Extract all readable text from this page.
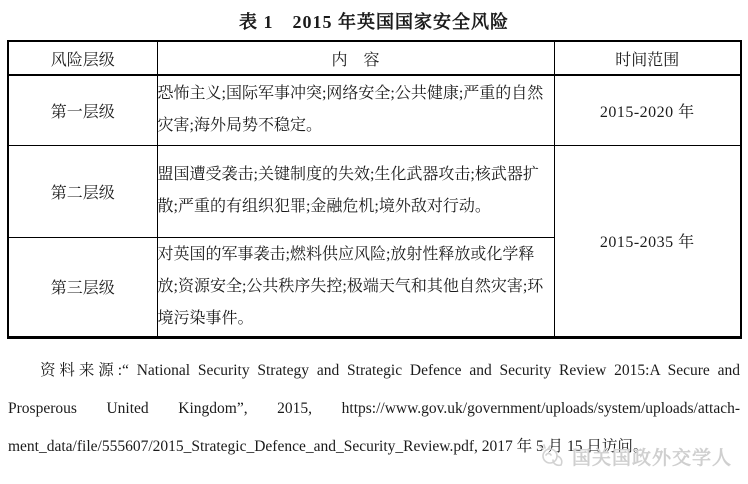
表 1　2015 年英国国家安全风险
风险层级	内　容	时间范围
第一层级	恐怖主义;国际军事冲突;网络安全;公共健康;严重的自然灾害;海外局势不稳定。	2015-2020 年
第二层级	盟国遭受袭击;关键制度的失效;生化武器攻击;核武器扩散;严重的有组织犯罪;金融危机;境外敌对行动。	2015-2035 年
第三层级	对英国的军事袭击;燃料供应风险;放射性释放或化学释放;资源安全;公共秩序失控;极端天气和其他自然灾害;环境污染事件。	
资料来源:“ National Security Strategy and Strategic Defence and Security Review 2015:A Secure and
Prosperous United Kingdom”, 2015, https://www.gov.uk/government/uploads/system/uploads/attach-
ment_data/file/555607/2015_Strategic_Defence_and_Security_Review.pdf, 2017 年 5 月 15 日访问。
国关国政外交学人
